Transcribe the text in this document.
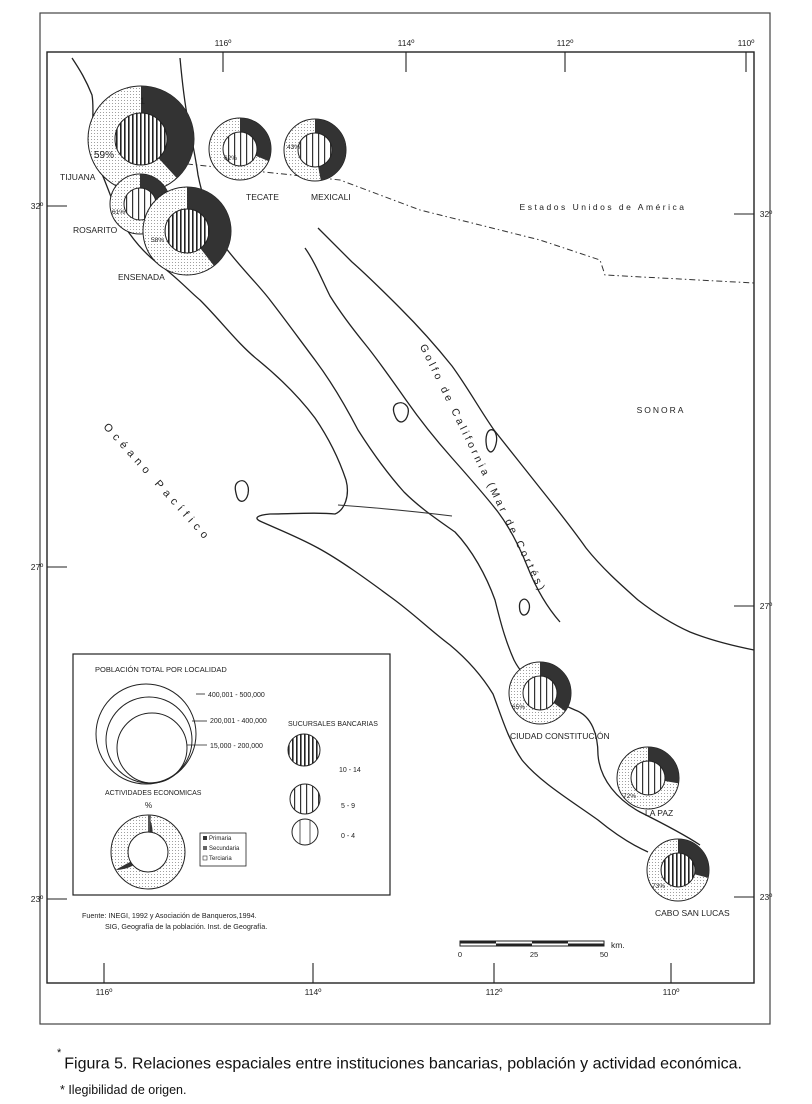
116º	114º	112º	110º
116º	114º	112º	110º
32º
27º
23º
32º
27º
23º
Estados Unidos de América
SONORA
Golfo de California (Mar de Cortés)
Océano Pacífico
TIJUANA
59%
1
TECATE
62%
MEXICALI
43%
ROSARITO
61%
ENSENADA
58%
CIUDAD CONSTITUCIÓN
65%
LA PAZ
72%
CABO SAN LUCAS
73%
POBLACIÓN TOTAL POR LOCALIDAD
400,001 - 500,000
200,001 - 400,000
15,000 - 200,000
ACTIVIDADES ECONOMICAS
%
Primaria
Secundaria
Terciaria
SUCURSALES BANCARIAS
10 - 14
5 - 9
0 - 4
Fuente: INEGI, 1992 y Asociación de Banqueros,1994.
SIG, Geografía de la población. Inst. de Geografía.
0	25	50
km.
*Figura 5. Relaciones espaciales entre instituciones bancarias, población y actividad económica.
* Ilegibilidad de origen.
